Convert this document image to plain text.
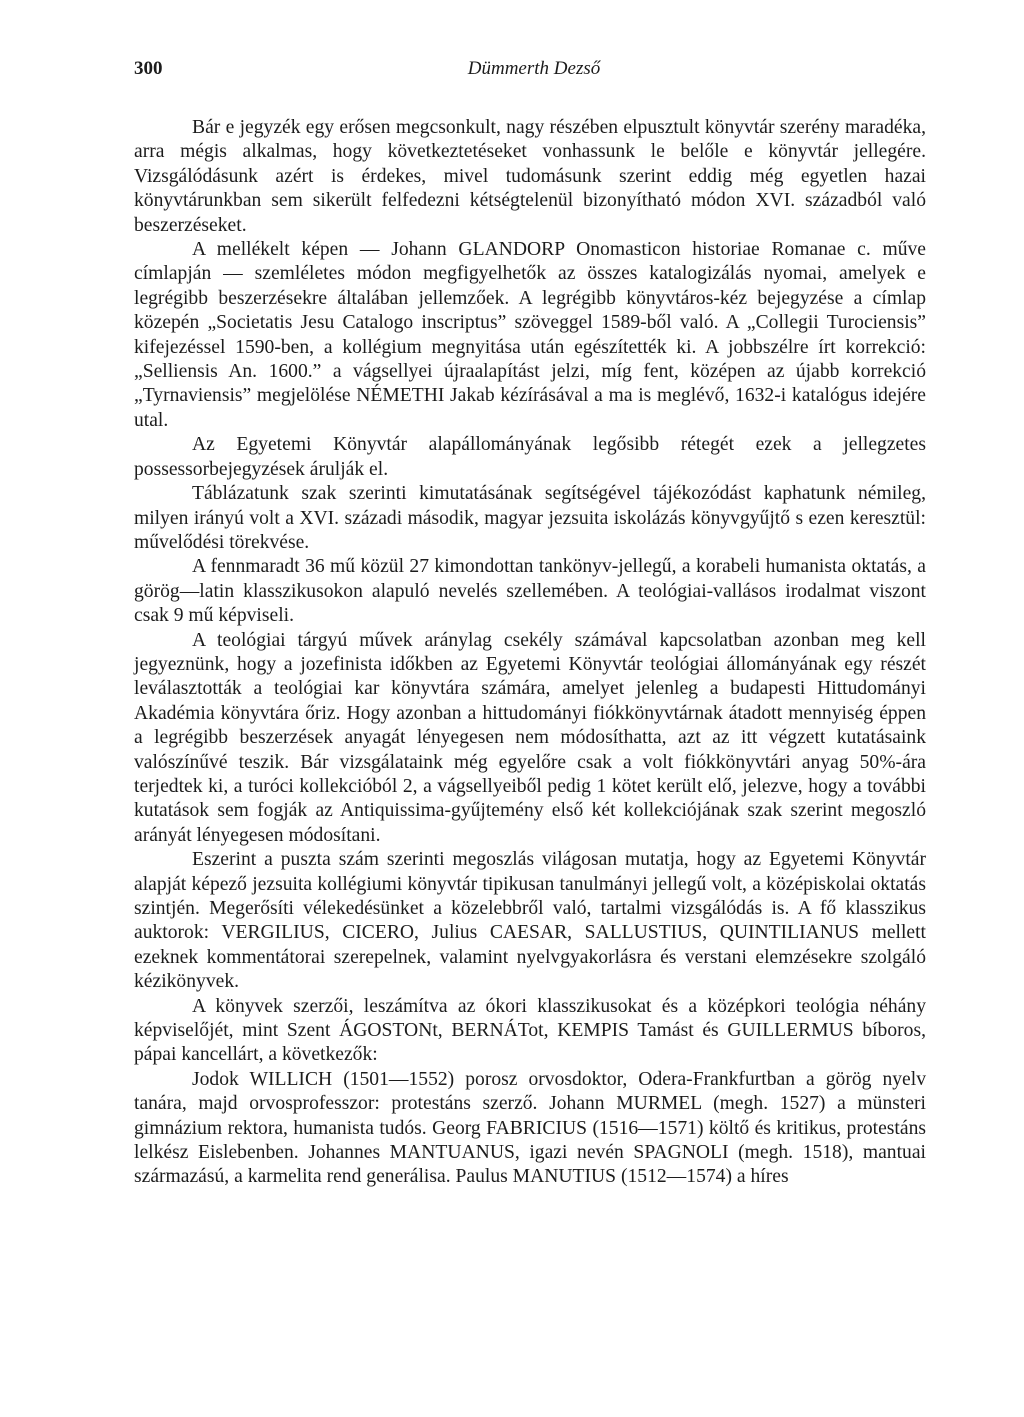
300	Dümmerth Dezső

Bár e jegyzék egy erősen megcsonkult, nagy részében elpusztult könyvtár szerény maradéka, arra mégis alkalmas, hogy következtetéseket vonhassunk le belőle e könyvtár jellegére. Vizsgálódásunk azért is érdekes, mivel tudomásunk szerint eddig még egyetlen hazai könyvtárunkban sem sikerült felfedezni kétségtelenül bizonyítható módon XVI. századból való beszerzéseket.

A mellékelt képen — Johann GLANDORP Onomasticon historiae Romanae c. műve címlapján — szemléletes módon megfigyelhetők az összes katalogizálás nyomai, amelyek e legrégibb beszerzésekre általában jellemzőek. A legrégibb könyvtáros-kéz bejegyzése a címlap közepén „Societatis Jesu Catalogo inscriptus” szöveggel 1589-ből való. A „Collegii Turociensis” kifejezéssel 1590-ben, a kollégium megnyitása után egészítették ki. A jobbszélre írt korrekció: „Selliensis An. 1600.” a vágsellyei újraalapítást jelzi, míg fent, középen az újabb korrekció „Tyrnaviensis” megjelölése NÉMETHI Jakab kézírásával a ma is meglévő, 1632-i katalógus idejére utal.

Az Egyetemi Könyvtár alapállományának legősibb rétegét ezek a jellegzetes possessorbejegyzések árulják el.

Táblázatunk szak szerinti kimutatásának segítségével tájékozódást kaphatunk némileg, milyen irányú volt a XVI. századi második, magyar jezsuita iskolázás könyvgyűjtő s ezen keresztül: művelődési törekvése.

A fennmaradt 36 mű közül 27 kimondottan tankönyv-jellegű, a korabeli humanista oktatás, a görög—latin klasszikusokon alapuló nevelés szellemében. A teológiai-vallásos irodalmat viszont csak 9 mű képviseli.

A teológiai tárgyú művek aránylag csekély számával kapcsolatban azonban meg kell jegyeznünk, hogy a jozefinista időkben az Egyetemi Könyvtár teológiai állományának egy részét leválasztották a teológiai kar könyvtára számára, amelyet jelenleg a budapesti Hittudományi Akadémia könyvtára őriz. Hogy azonban a hittudományi fiókkönyvtárnak átadott mennyiség éppen a legrégibb beszerzések anyagát lényegesen nem módosíthatta, azt az itt végzett kutatásaink valószínűvé teszik. Bár vizsgálataink még egyelőre csak a volt fiókkönyvtári anyag 50%-ára terjedtek ki, a turóci kollekcióból 2, a vágsellyeiből pedig 1 kötet került elő, jelezve, hogy a további kutatások sem fogják az Antiquissima-gyűjtemény első két kollekciójának szak szerint megoszló arányát lényegesen módosítani.

Eszerint a puszta szám szerinti megoszlás világosan mutatja, hogy az Egyetemi Könyvtár alapját képező jezsuita kollégiumi könyvtár tipikusan tanulmányi jellegű volt, a középiskolai oktatás szintjén. Megerősíti vélekedésünket a közelebbről való, tartalmi vizsgálódás is. A fő klasszikus auktorok: VERGILIUS, CICERO, Julius CAESAR, SALLUSTIUS, QUINTILIANUS mellett ezeknek kommentátorai szerepelnek, valamint nyelvgyakorlásra és verstani elemzésekre szolgáló kézikönyvek.

A könyvek szerzői, leszámítva az ókori klasszikusokat és a középkori teológia néhány képviselőjét, mint Szent ÁGOSTONt, BERNÁTot, KEMPIS Tamást és GUILLERMUS bíboros, pápai kancellárt, a következők:

Jodok WILLICH (1501—1552) porosz orvosdoktor, Odera-Frankfurtban a görög nyelv tanára, majd orvosprofesszor: protestáns szerző. Johann MURMEL (megh. 1527) a münsteri gimnázium rektora, humanista tudós. Georg FABRICIUS (1516—1571) költő és kritikus, protestáns lelkész Eislebenben. Johannes MANTUANUS, igazi nevén SPAGNOLI (megh. 1518), mantuai származású, a karmelita rend generálisa. Paulus MANUTIUS (1512—1574) a híres
